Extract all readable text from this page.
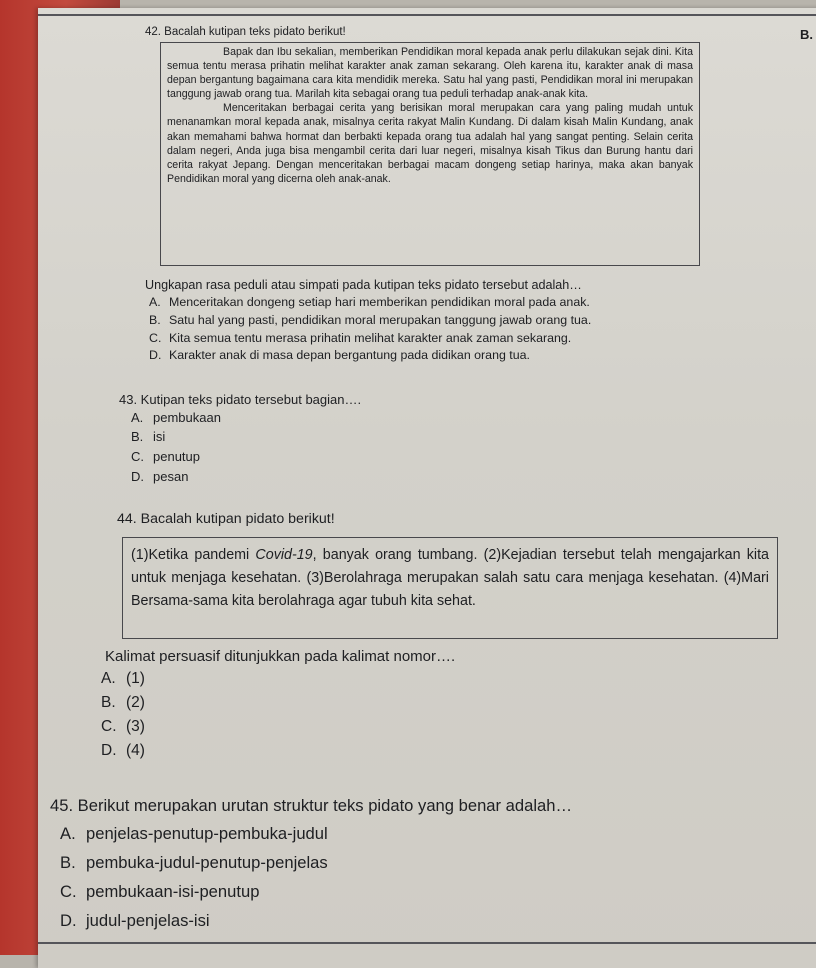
B.
42. Bacalah kutipan teks pidato berikut!

Bapak dan Ibu sekalian, memberikan Pendidikan moral kepada anak perlu dilakukan sejak dini. Kita semua tentu merasa prihatin melihat karakter anak zaman sekarang. Oleh karena itu, karakter anak di masa depan bergantung bagaimana cara kita mendidik mereka. Satu hal yang pasti, Pendidikan moral ini merupakan tanggung jawab orang tua. Marilah kita sebagai orang tua peduli terhadap anak-anak kita.

Menceritakan berbagai cerita yang berisikan moral merupakan cara yang paling mudah untuk menanamkan moral kepada anak, misalnya cerita rakyat Malin Kundang. Di dalam kisah Malin Kundang, anak akan memahami bahwa hormat dan berbakti kepada orang tua adalah hal yang sangat penting. Selain cerita dalam negeri, Anda juga bisa mengambil cerita dari luar negeri, misalnya kisah Tikus dan Burung hantu dari cerita rakyat Jepang. Dengan menceritakan berbagai macam dongeng setiap harinya, maka akan banyak Pendidikan moral yang dicerna oleh anak-anak.

Ungkapan rasa peduli atau simpati pada kutipan teks pidato tersebut adalah…
A. Menceritakan dongeng setiap hari memberikan pendidikan moral pada anak.
B. Satu hal yang pasti, pendidikan moral merupakan tanggung jawab orang tua.
C. Kita semua tentu merasa prihatin melihat karakter anak zaman sekarang.
D. Karakter anak di masa depan bergantung pada didikan orang tua.
43. Kutipan teks pidato tersebut bagian….
A. pembukaan
B. isi
C. penutup
D. pesan
44. Bacalah kutipan pidato berikut!

(1)Ketika pandemi Covid-19, banyak orang tumbang. (2)Kejadian tersebut telah mengajarkan kita untuk menjaga kesehatan. (3)Berolahraga merupakan salah satu cara menjaga kesehatan. (4)Mari Bersama-sama kita berolahraga agar tubuh kita sehat.

Kalimat persuasif ditunjukkan pada kalimat nomor….
A. (1)
B. (2)
C. (3)
D. (4)
45. Berikut merupakan urutan struktur teks pidato yang benar adalah…
A. penjelas-penutup-pembuka-judul
B. pembuka-judul-penutup-penjelas
C. pembukaan-isi-penutup
D. judul-penjelas-isi
